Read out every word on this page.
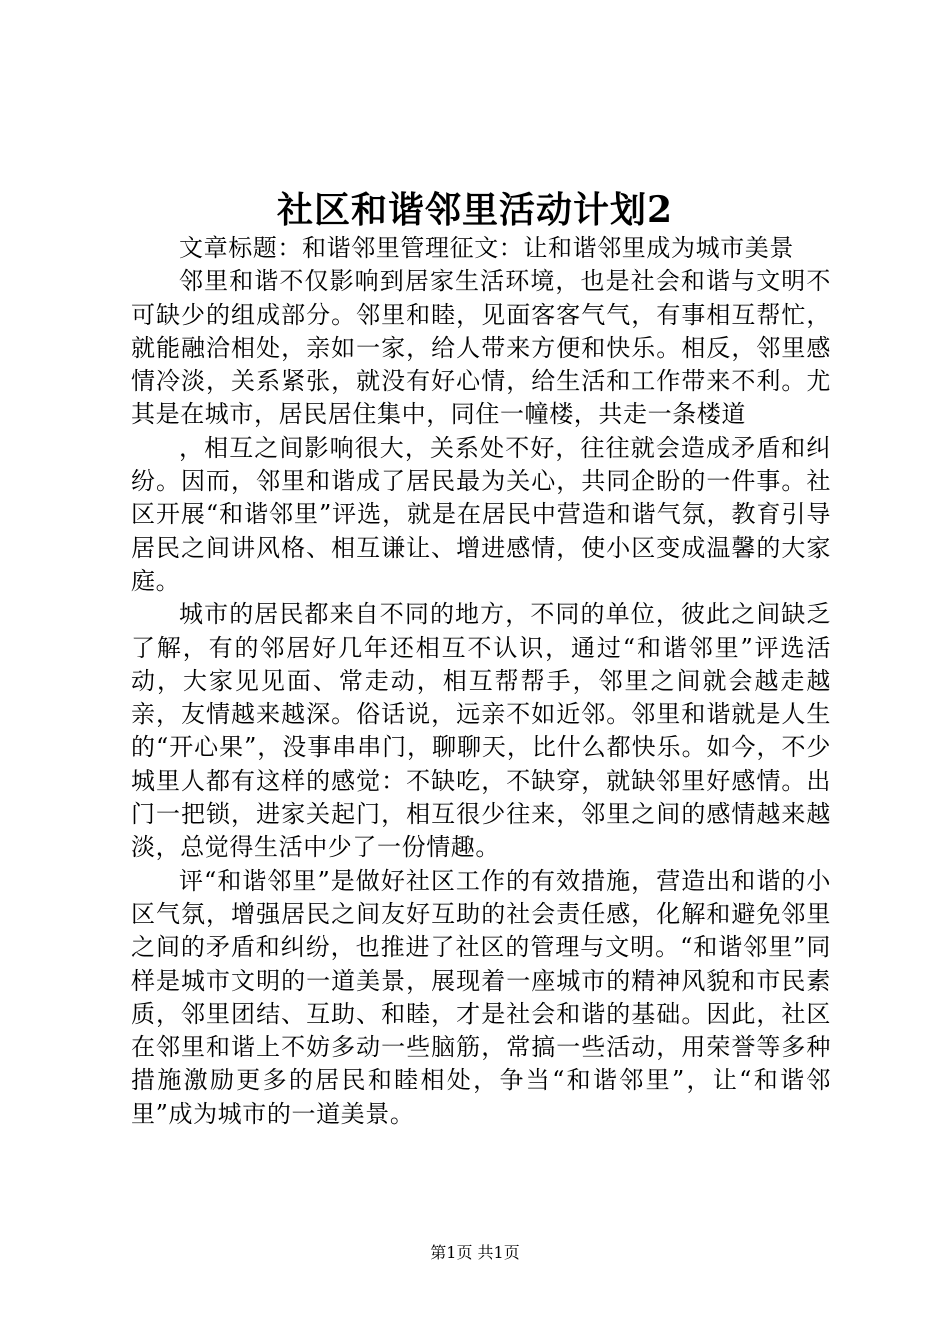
社区和谐邻里活动计划2

文章标题：和谐邻里管理征文：让和谐邻里成为城市美景

邻里和谐不仅影响到居家生活环境，也是社会和谐与文明不可缺少的组成部分。邻里和睦，见面客客气气，有事相互帮忙，就能融洽相处，亲如一家，给人带来方便和快乐。相反，邻里感情冷淡，关系紧张，就没有好心情，给生活和工作带来不利。尤其是在城市，居民居住集中，同住一幢楼，共走一条楼道

，相互之间影响很大，关系处不好，往往就会造成矛盾和纠纷。因而，邻里和谐成了居民最为关心，共同企盼的一件事。社区开展“和谐邻里”评选，就是在居民中营造和谐气氛，教育引导居民之间讲风格、相互谦让、增进感情，使小区变成温馨的大家庭。

城市的居民都来自不同的地方，不同的单位，彼此之间缺乏了解，有的邻居好几年还相互不认识，通过“和谐邻里”评选活动，大家见见面、常走动，相互帮帮手，邻里之间就会越走越亲，友情越来越深。俗话说，远亲不如近邻。邻里和谐就是人生的“开心果”，没事串串门，聊聊天，比什么都快乐。如今，不少城里人都有这样的感觉：不缺吃，不缺穿，就缺邻里好感情。出门一把锁，进家关起门，相互很少往来，邻里之间的感情越来越淡，总觉得生活中少了一份情趣。

评“和谐邻里”是做好社区工作的有效措施，营造出和谐的小区气氛，增强居民之间友好互助的社会责任感，化解和避免邻里之间的矛盾和纠纷，也推进了社区的管理与文明。“和谐邻里”同样是城市文明的一道美景，展现着一座城市的精神风貌和市民素质，邻里团结、互助、和睦，才是社会和谐的基础。因此，社区在邻里和谐上不妨多动一些脑筋，常搞一些活动，用荣誉等多种措施激励更多的居民和睦相处，争当“和谐邻里”，让“和谐邻里”成为城市的一道美景。

第1页 共1页
